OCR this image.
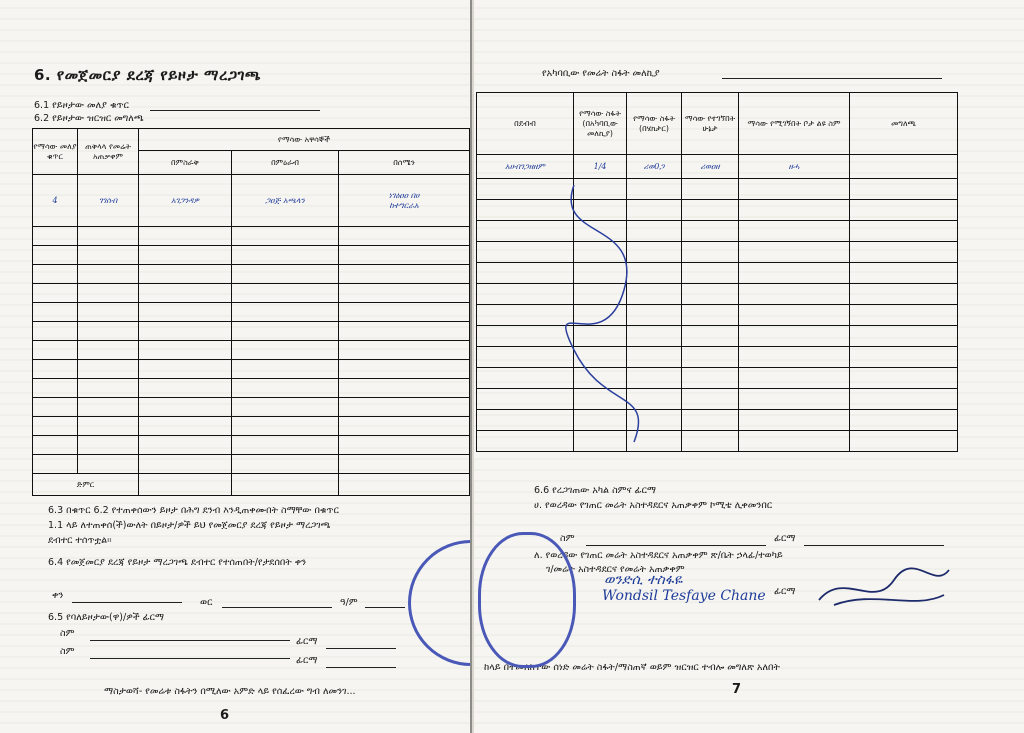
6. የመጀመርያ ደረጃ የይዞታ ማረጋገጫ
6.1 የይዞታው መለያ ቁጥር
6.2 የይዞታው ዝርዝር መግለጫ
የማሳው መለያ ቁጥር	ጠቅላላ የመሬት አጠቃቀም	የማሳው አዋሳኞች		
		በምስራቅ	በምዕራብ	በሰሜን
4	ገገሰብ	አገጋንዳዎ	ጋዐጅ አጫላን	ነገዕዐዐ በሀ
ከተግርራአ

ድምር				
6.3 በቁጥር 6.2 የተጠቀሰውን ይዞታ በሕግ ደንብ እንዲጠቀሙበት ስማቸው በቁጥር
1.1 ላይ ለተጠቀሰ(ች)ውለት በይዞታ/ዎች ይህ የመጀመርያ ደረጃ የይዞታ ማረጋገጫ
ደብተር ተሰጥቷል።
6.4 የመጀመርያ ደረጃ የይዞታ ማረጋገጫ ደብተር የተሰጠበት/የታደሰበት ቀን
ቀን
ወር	ዓ/ም
6.5 የባለይዞታው(ዋ)/ዎች ፊርማ
ስም
ፊርማ
ስም
ፊርማ
ማስታወሻ- የመሬቱ ስፋትን በሚለው አምድ ላይ የሰፈረው ግብ ለመንገ...
6
የአካባቢው የመሬት ስፋት መለኪያ
በደብብ	የማሳው ስፋት (በአካባቢው መለኪያ)	የማሳው ስፋት (በሄክታር)	ማሳው የተገኘበት ሁኔታ	ማሳው የሚገኝበት ቦታ ልዩ ስም	መግለጫ
አሀብገጋዘዘም	1/4	ሪወ0ጋ	ሪወዐዘ	ዘሓ	

6.6 የረጋገጠው አካል ስምና ፊርማ
ሀ. የወረዳው የገጠር መሬት አስተዳደርና አጠቃቀም ኮሚቴ ሊቀመንበር
ስም	ፊርማ
ለ. የወረዳው የገጠር መሬት አስተዳደርና አጠቃቀም ጽ/ቤት ኃላፊ/ተወካይ
ገ/መሬት አስተዳደርና የመሬት አጠቃቀም
ወንድሲ ተስፋዬ
Wondsil Tesfaye Chane ፊርማ
ከላይ በተመለከተው ሰነድ መሬት ስፋት/ማስጠኛ ወይም ዝርዝር ተብሎ መግለጽ አለበት
7
